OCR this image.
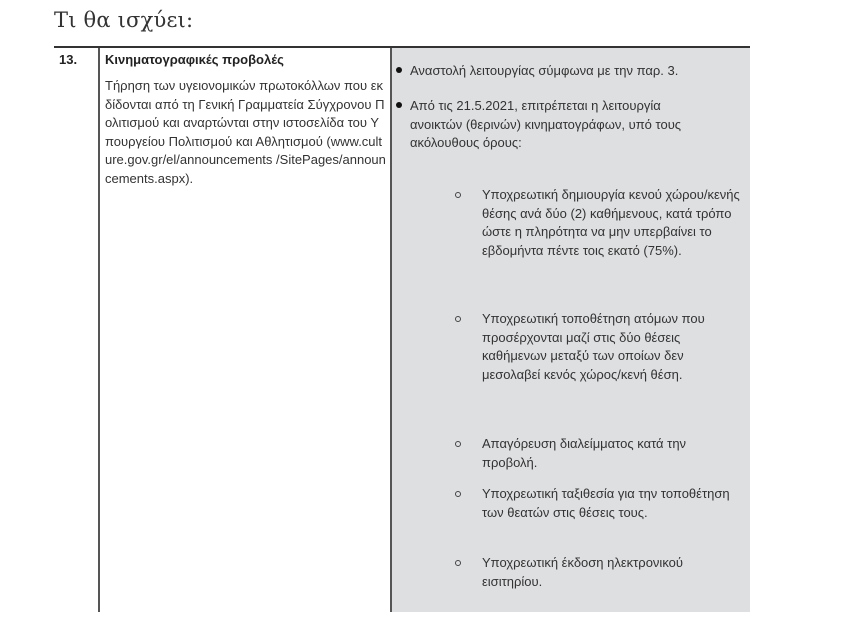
Τι θα ισχύει:
13. Κινηματογραφικές προβολές
Τήρηση των υγειονομικών πρωτοκόλλων που εκδίδονται από τη Γενική Γραμματεία Σύγχρονου Πολιτισμού και αναρτώνται στην ιστοσελίδα του Υπουργείου Πολιτισμού και Αθλητισμού (www.culture.gov.gr/el/announcements /SitePages/announcements.aspx).
Αναστολή λειτουργίας σύμφωνα με την παρ. 3.
Από τις 21.5.2021, επιτρέπεται η λειτουργία ανοικτών (θερινών) κινηματογράφων, υπό τους ακόλουθους όρους:
Υποχρεωτική δημιουργία κενού χώρου/κενής θέσης ανά δύο (2) καθήμενους, κατά τρόπο ώστε η πληρότητα να μην υπερβαίνει το εβδομήντα πέντε τοις εκατό (75%).
Υποχρεωτική τοποθέτηση ατόμων που προσέρχονται μαζί στις δύο θέσεις καθήμενων μεταξύ των οποίων δεν μεσολαβεί κενός χώρος/κενή θέση.
Απαγόρευση διαλείμματος κατά την προβολή.
Υποχρεωτική ταξιθεσία για την τοποθέτηση των θεατών στις θέσεις τους.
Υποχρεωτική έκδοση ηλεκτρονικού εισιτηρίου.
